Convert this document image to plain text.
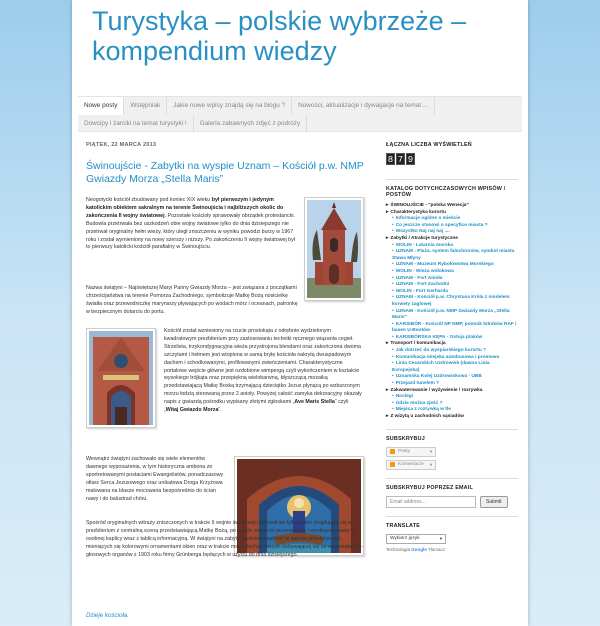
Turystyka – polskie wybrzeże – kompendium wiedzy
Nowe posty	Wstępniak	Jakie nowe wpisy znajdą się na blogu ?	Nowości, aktualizacje i dywagacje na temat ...
Dowcipy i żarciki na temat turystyki !	Galeria zabawnych zdjęć z podróży
PIĄTEK, 22 MARCA 2013
Świnoujście - Zabytki na wyspie Uznam – Kościół p.w. NMP Gwiazdy Morza „Stella Maris”
Neogotycki kościół zbudowany pod koniec XIX wieku był pierwszym i jedynym katolickim obiektem sakralnym na terenie Świnoujścia i najbliższych okolic do zakończenia II wojny światowej. Pozostałe kościoły sprawowały obrządek protestancki. Budowla przetrwała bez uszkodzeń obie wojny światowe tylko do dnia dzisiejszego nie przetrwał oryginalny hełm wieży, który uległ zniszczeniu w wyniku powodzi burzy w 1967 roku i został wymieniony na nowy szerszy i niższy. Po zakończeniu II wojny światowej był to pierwszy katolicki kościół parafialny w Świnoujściu.
Nazwa świątyni – Najświętszej Maryi Panny Gwiazdy Morza – jest związana z początkami chrześcijaństwa na terenie Pomorza Zachodniego, symbolizuje Matkę Bożą nosicielkę światła oraz przewodniczkę marynarzy pływających po wodach mórz i oceanach, patronkę w bezpiecznym dotarciu do portu.
Kościół został wzniesiony na rzucie prostokąta z odrębnie wydzielonym kwadratowym prezbiterium przy zastosowaniu techniki ręcznego wiązania cegieł. Strzelista, trzykondygnacyjna wieża przystrojona blendami oraz zakończona dwoma szczytami i hełmem jest wtopiona w samą bryłę kościoła nakrytą dwuspadowym dachem i schodkowanymi, profilowanymi zwieńczeniami. Charakterystyczne portalowe wejście główne jest ozdobione wimpergą czyli wykończeniem w kształcie wysokiego trójkąta oraz przepiękną wielobarwną, błyszczącą mozaiką przedstawiającą Matkę Boską trzymającą dzieciątko Jezus płynącą po wzburzonym morzu łodzią sterowaną przez 2 anioły. Powyżej całość zamyka dekoracyjny okazały napis z gwiazdą pośrodku wypisany złotymi zgłoskami „Ave Maris Stella” czyli „Witaj Gwiazdo Morza”.
Wewnątrz świątyni zachowało się wiele elementów dawnego wyposażenia, w tym historyczna ambona ze sportretowanymi postaciami Ewangelistów, ponadczasowy ołtarz Serca Jezusowego oraz unikatowa Droga Krzyżowa malowana na blasze mocowana bezpośrednio do ścian nawy i do balustrad chóru.
Spośród oryginalnych witraży zniszczonych w trakcie II wojnie światowej uratował się tylko jeden znajdujący się w prezbiterium z centralną sceną przedstawiającą Matkę Bożą, po wojnie został on przeniesiony i wyeksponowany w osobnej kaplicy wraz z tablicą informacyjną. W świątyni na zabytki będziemy patrzeć w świetle artystycznych, mieniących się kolorowymi ornamentami okien oraz w trakcie mszy słuchać muzyki dobywającej się ze wspaniałych 8-głosowych organów z 1903 roku firmy Grünberga będących w użyciu do dnia dzisiejszego.
Dzieje kościoła.
ŁĄCZNA LICZBA WYŚWIETLEŃ
8 7 9
KATALOG DOTYCHCZASOWYCH WPISÓW / POSTÓW
▸ ŚWINOUJŚCIE - "polska Wenecja"
▸ Charakterystyka kurortu
• Informacje ogólne o mieście
• Co jeszcze stanowi o specyfice miasta ?
• Wszystko Naj naj naj ....
▸ Zabytki / Atrakcje turystyczne
• WOLIN - Latarnia morska
• UZNAM - Plaża, system falochronów, symbol miasta Stawa Młyny
• UZNAM - Muzeum Rybołówstwa Morskiego
• WOLIN - Wieża widokowa
• UZNAM - Fort Anioła
• UZNAM - Fort Zachodni
• WOLIN - Fort Gerharda
• UZNAM - Kościół p.w. Chrystusa Króla z modelem korwety żaglowej
• UZNAM - Kościół p.w. NMP Gwiazdy Morza „Stella Maris”
• KARSIBÓR - Kościół NP NMP, pomnik lotników RAF i basen U-Bootów
• KARSIBÓRSKA KĘPA - Ostoja ptaków
▸ Transport / komunikacja
• Jak dotrzeć do wyspiarskiego kurortu ?
• Komunikacja miejska autobusowa i promowa
• Linia Cesarskich Uzdrowisk (dawna Linia Europejska)
• Uznamska Kolej Uzdrowiskowa - UBB
• Przejazd tunelem ?
▸ Zakwaterowanie / wyżywienie / rozrywka
• Noclegi
• Gdzie można zjeść ?
• Miejsca z rozrywką w tle
▸ Z wizytą u zachodnich sąsiadów
SUBSKRYBUJ
Posty	▼
Komentarze ▼
SUBSKRYBUJ POPRZEZ EMAIL
Email address...	Submit
TRANSLATE
Wybierz język	▼
Technologia Google Tłumacz
